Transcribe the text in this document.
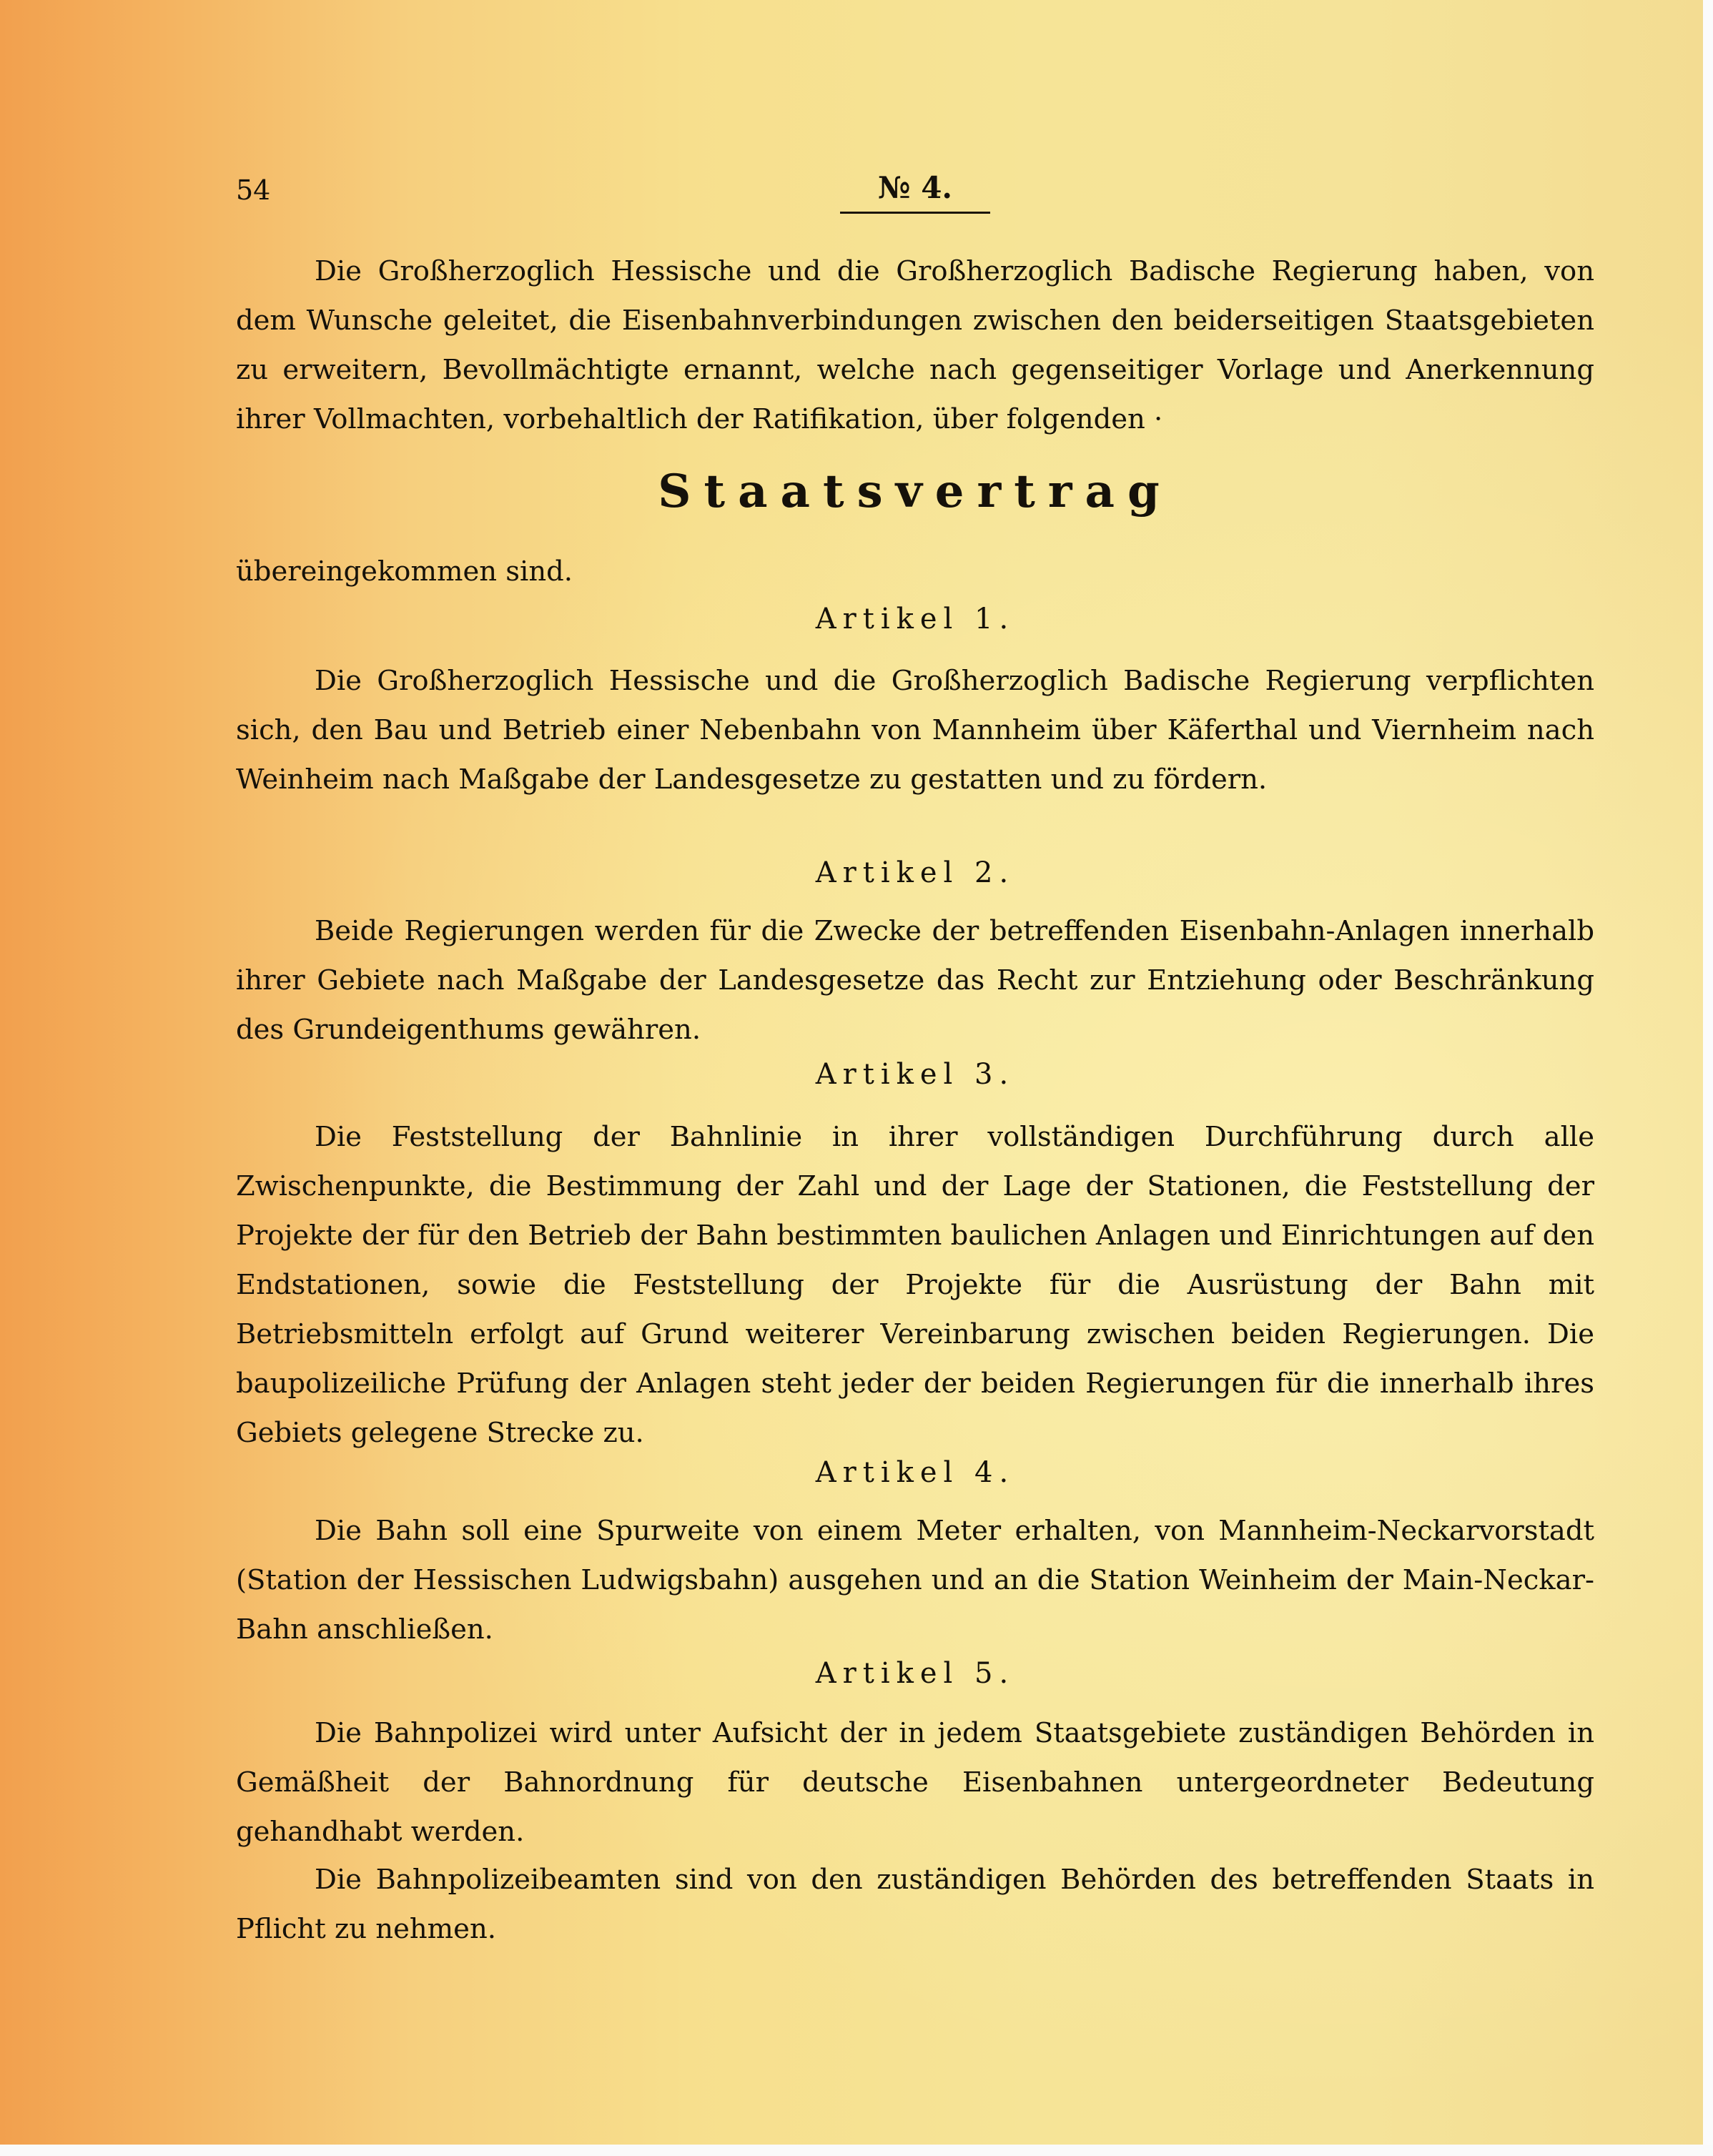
54	№ 4.

Die Großherzoglich Hessische und die Großherzoglich Badische Regierung haben, von dem Wunsche geleitet, die Eisenbahnverbindungen zwischen den beiderseitigen Staatsgebieten zu erweitern, Bevollmächtigte ernannt, welche nach gegenseitiger Vorlage und Anerkennung ihrer Vollmachten, vorbehaltlich der Ratifikation, über folgenden ·

Staatsvertrag

übereingekommen sind.

Artikel 1.

Die Großherzoglich Hessische und die Großherzoglich Badische Regierung verpflichten sich, den Bau und Betrieb einer Nebenbahn von Mannheim über Käferthal und Viernheim nach Weinheim nach Maßgabe der Landesgesetze zu gestatten und zu fördern.

Artikel 2.

Beide Regierungen werden für die Zwecke der betreffenden Eisenbahn-Anlagen innerhalb ihrer Gebiete nach Maßgabe der Landesgesetze das Recht zur Entziehung oder Beschränkung des Grundeigenthums gewähren.

Artikel 3.

Die Feststellung der Bahnlinie in ihrer vollständigen Durchführung durch alle Zwischenpunkte, die Bestimmung der Zahl und der Lage der Stationen, die Feststellung der Projekte der für den Betrieb der Bahn bestimmten baulichen Anlagen und Einrichtungen auf den Endstationen, sowie die Feststellung der Projekte für die Ausrüstung der Bahn mit Betriebsmitteln erfolgt auf Grund weiterer Vereinbarung zwischen beiden Regierungen. Die baupolizeiliche Prüfung der Anlagen steht jeder der beiden Regierungen für die innerhalb ihres Gebiets gelegene Strecke zu.

Artikel 4.

Die Bahn soll eine Spurweite von einem Meter erhalten, von Mannheim-Neckarvorstadt (Station der Hessischen Ludwigsbahn) ausgehen und an die Station Weinheim der Main-Neckar-Bahn anschließen.

Artikel 5.

Die Bahnpolizei wird unter Aufsicht der in jedem Staatsgebiete zuständigen Behörden in Gemäßheit der Bahnordnung für deutsche Eisenbahnen untergeordneter Bedeutung gehandhabt werden.

Die Bahnpolizeibeamten sind von den zuständigen Behörden des betreffenden Staats in Pflicht zu nehmen.
